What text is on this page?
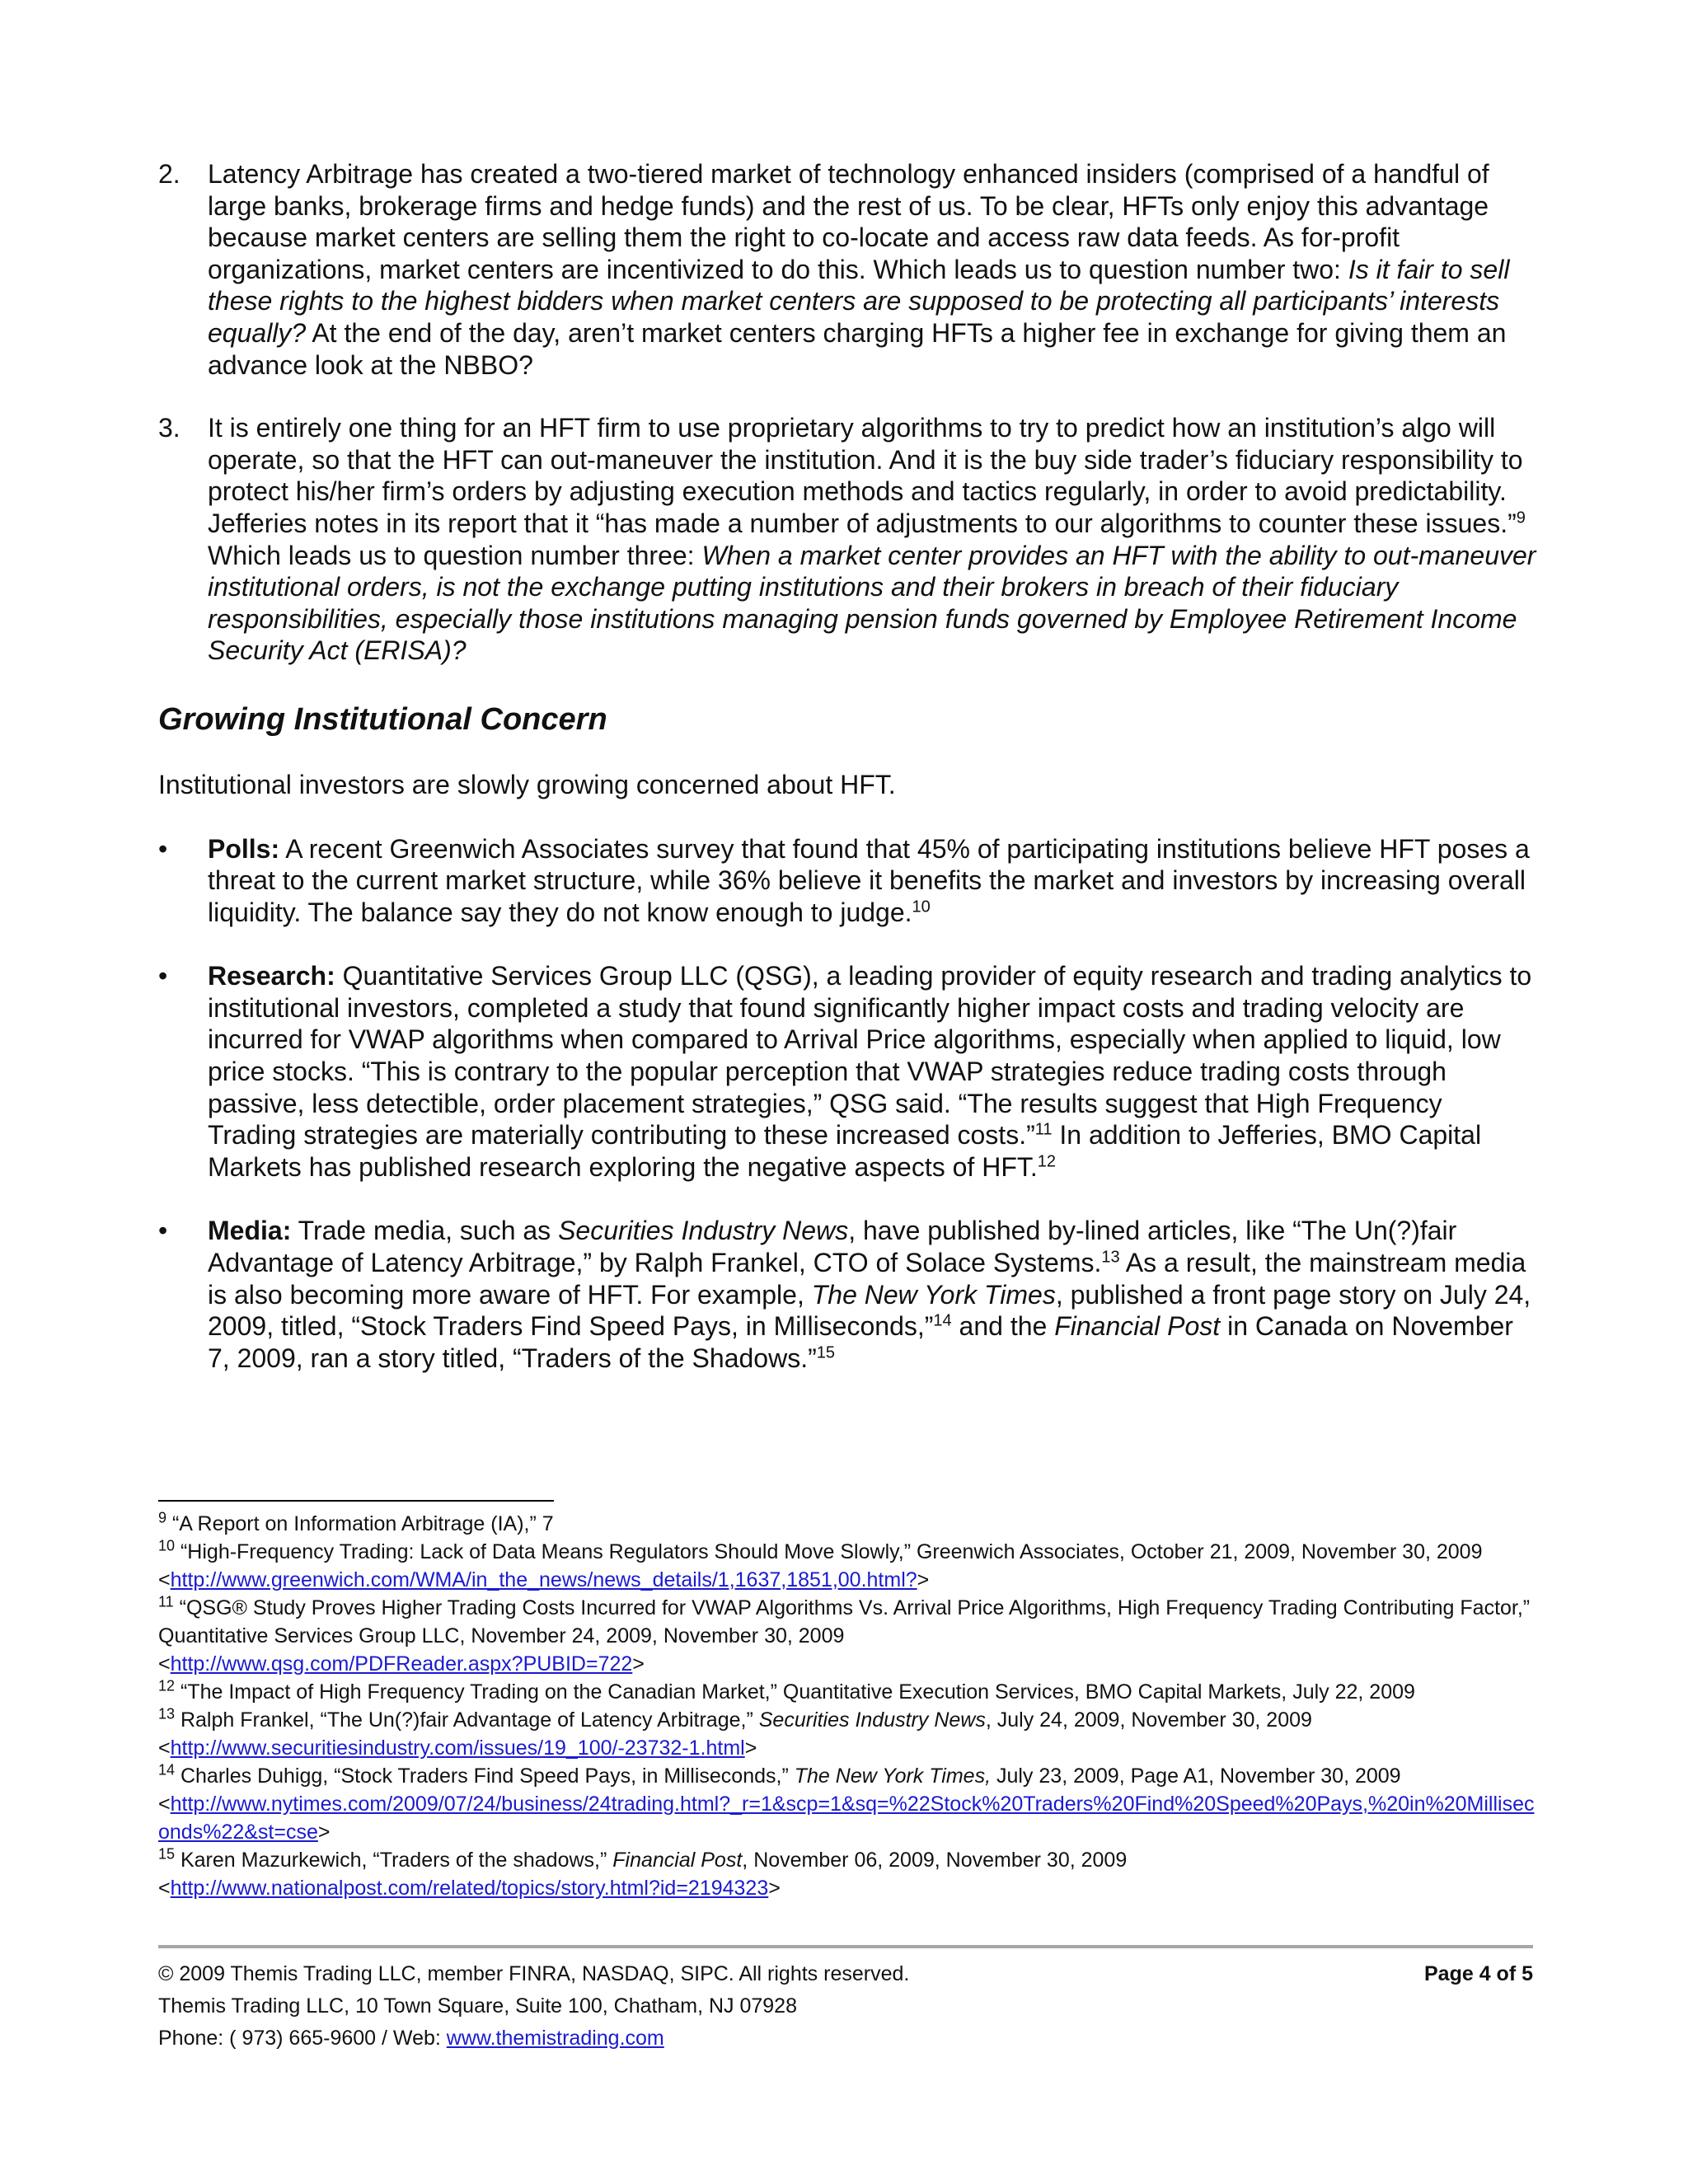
2. Latency Arbitrage has created a two-tiered market of technology enhanced insiders (comprised of a handful of large banks, brokerage firms and hedge funds) and the rest of us. To be clear, HFTs only enjoy this advantage because market centers are selling them the right to co-locate and access raw data feeds. As for-profit organizations, market centers are incentivized to do this. Which leads us to question number two: Is it fair to sell these rights to the highest bidders when market centers are supposed to be protecting all participants’ interests equally? At the end of the day, aren’t market centers charging HFTs a higher fee in exchange for giving them an advance look at the NBBO?
3. It is entirely one thing for an HFT firm to use proprietary algorithms to try to predict how an institution’s algo will operate, so that the HFT can out-maneuver the institution. And it is the buy side trader’s fiduciary responsibility to protect his/her firm’s orders by adjusting execution methods and tactics regularly, in order to avoid predictability. Jefferies notes in its report that it “has made a number of adjustments to our algorithms to counter these issues.”$^9$ Which leads us to question number three: When a market center provides an HFT with the ability to out-maneuver institutional orders, is not the exchange putting institutions and their brokers in breach of their fiduciary responsibilities, especially those institutions managing pension funds governed by Employee Retirement Income Security Act (ERISA)?
Growing Institutional Concern

Institutional investors are slowly growing concerned about HFT.

• Polls: A recent Greenwich Associates survey that found that 45% of participating institutions believe HFT poses a threat to the current market structure, while 36% believe it benefits the market and investors by increasing overall liquidity. The balance say they do not know enough to judge.$^{10}$
• Research: Quantitative Services Group LLC (QSG), a leading provider of equity research and trading analytics to institutional investors, completed a study that found significantly higher impact costs and trading velocity are incurred for VWAP algorithms when compared to Arrival Price algorithms, especially when applied to liquid, low price stocks. “This is contrary to the popular perception that VWAP strategies reduce trading costs through passive, less detectible, order placement strategies,” QSG said. “The results suggest that High Frequency Trading strategies are materially contributing to these increased costs.”$^{11}$ In addition to Jefferies, BMO Capital Markets has published research exploring the negative aspects of HFT.$^{12}$
• Media: Trade media, such as Securities Industry News, have published by-lined articles, like “The Un(?)fair Advantage of Latency Arbitrage,” by Ralph Frankel, CTO of Solace Systems.$^{13}$ As a result, the mainstream media is also becoming more aware of HFT. For example, The New York Times, published a front page story on July 24, 2009, titled, “Stock Traders Find Speed Pays, in Milliseconds,”$^{14}$ and the Financial Post in Canada on November 7, 2009, ran a story titled, “Traders of the Shadows.”$^{15}$

$^9$ “A Report on Information Arbitrage (IA),” 7

$^{10}$ “High-Frequency Trading: Lack of Data Means Regulators Should Move Slowly,” Greenwich Associates, October 21, 2009, November 30, 2009 <http://www.greenwich.com/WMA/in_the_news/news_details/1,1637,1851,00.html?>

$^{11}$ “QSG® Study Proves Higher Trading Costs Incurred for VWAP Algorithms Vs. Arrival Price Algorithms, High Frequency Trading Contributing Factor,” Quantitative Services Group LLC, November 24, 2009, November 30, 2009
<http://www.qsg.com/PDFReader.aspx?PUBID=722>

$^{12}$ “The Impact of High Frequency Trading on the Canadian Market,” Quantitative Execution Services, BMO Capital Markets, July 22, 2009

$^{13}$ Ralph Frankel, “The Un(?)fair Advantage of Latency Arbitrage,” Securities Industry News, July 24, 2009, November 30, 2009
<http://www.securitiesindustry.com/issues/19_100/-23732-1.html>

$^{14}$ Charles Duhigg, “Stock Traders Find Speed Pays, in Milliseconds,” The New York Times, July 23, 2009, Page A1, November 30, 2009
<http://www.nytimes.com/2009/07/24/business/24trading.html?_r=1&scp=1&sq=%22Stock%20Traders%20Find%20Speed%20Pays,%20in%20Milliseconds%22&st=cse>

$^{15}$ Karen Mazurkewich, “Traders of the shadows,” Financial Post, November 06, 2009, November 30, 2009
<http://www.nationalpost.com/related/topics/story.html?id=2194323>

© 2009 Themis Trading LLC, member FINRA, NASDAQ, SIPC. All rights reserved.	Page 4 of 5
Themis Trading LLC, 10 Town Square, Suite 100, Chatham, NJ 07928
Phone: ( 973) 665-9600 / Web: www.themistrading.com
